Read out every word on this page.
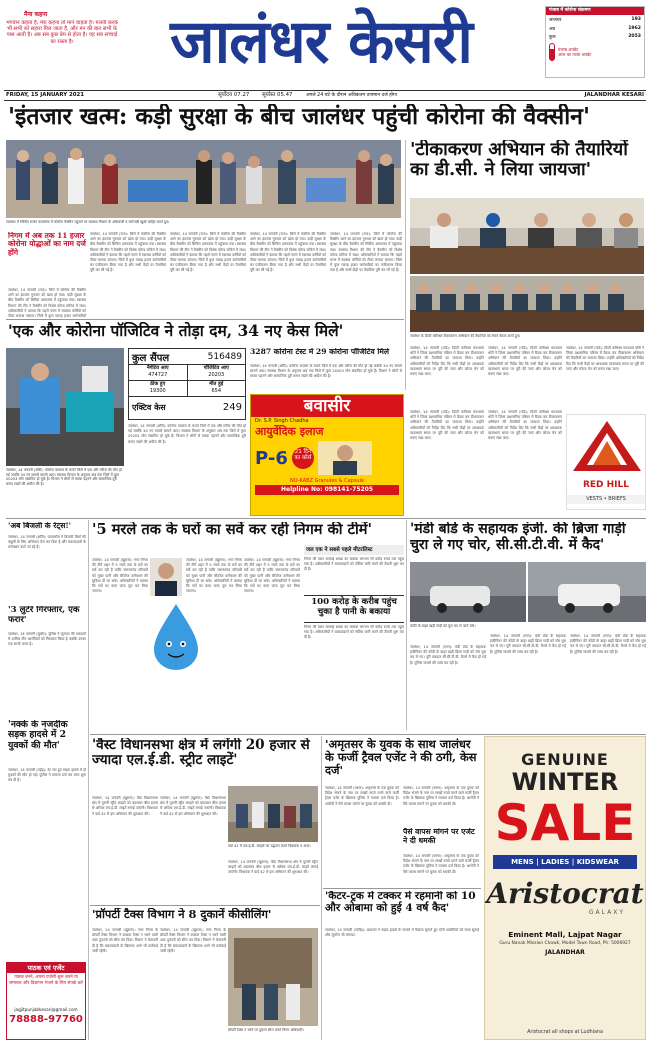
मैना कहना
भगवान कहता है, मेरा कहना तो मानें चाहता है। ग़लती करके भी सभी को सहारा मिल जाता है, और मन की बात सभी के पास आती है। अब सब कुछ प्रेम से होता है। यह सब सच्चाई का रास्ता है।	जालंधर केसरी	पंजाब में कोरोना संक्रमण
जालंधर	193
अब	1962
कुल	2053
पंजाब अपडेट
आज का ताजा अपडेट
FRIDAY, 15 JANUARY 2021	सूर्योदय 07.27 सूर्यास्त 05.47	अगले 24 घंटे के दौरान अधिकतम तापमान दर्ज होगा	JALANDHAR KESARI
'इंतजार खत्म: कड़ी सुरक्षा के बीच जालंधर पहुंची कोरोना की वैक्सीन'
जालंधर में सिविल सर्जन कार्यालय में कोरोना वैक्सीन पहुंचने पर स्वास्थ्य विभाग के अधिकारी व कर्मचारी खुशी जाहिर करते हुए।
निगम में अब तक 11 हजार कोरोना योद्धाओं का नाम दर्ज होंगे
जालंधर, 14 जनवरी (राज): जिले में कोरोना की वैक्सीन आने का इंतजार गुरुवार को खत्म हो गया। कड़ी सुरक्षा के बीच वैक्सीन को सिविल अस्पताल में पहुंचाया गया। स्वास्थ्य विभाग की टीम ने वैक्सीन को विशेष कोल्ड स्टोरेज में रखा। अधिकारियों ने बताया कि पहले चरण में स्वास्थ्य कर्मियों को टीका लगाया जाएगा। जिले में कुल ग्यारह हजार कर्मचारियों
जालंधर, 14 जनवरी (राज): जिले में कोरोना की वैक्सीन आने का इंतजार गुरुवार को खत्म हो गया। कड़ी सुरक्षा के बीच वैक्सीन को सिविल अस्पताल में पहुंचाया गया। स्वास्थ्य विभाग की टीम ने वैक्सीन को विशेष कोल्ड स्टोरेज में रखा। अधिकारियों ने बताया कि पहले चरण में स्वास्थ्य कर्मियों को टीका लगाया जाएगा। जिले में कुल ग्यारह हजार कर्मचारियों का पंजीकरण किया गया है और सभी केंद्रों पर तैयारियां पूरी कर ली गई हैं।
जालंधर, 14 जनवरी (राज): जिले में कोरोना की वैक्सीन आने का इंतजार गुरुवार को खत्म हो गया। कड़ी सुरक्षा के बीच वैक्सीन को सिविल अस्पताल में पहुंचाया गया। स्वास्थ्य विभाग की टीम ने वैक्सीन को विशेष कोल्ड स्टोरेज में रखा। अधिकारियों ने बताया कि पहले चरण में स्वास्थ्य कर्मियों को टीका लगाया जाएगा। जिले में कुल ग्यारह हजार कर्मचारियों का पंजीकरण किया गया है और सभी केंद्रों पर तैयारियां पूरी कर ली गई हैं।
जालंधर, 14 जनवरी (राज): जिले में कोरोना की वैक्सीन आने का इंतजार गुरुवार को खत्म हो गया। कड़ी सुरक्षा के बीच वैक्सीन को सिविल अस्पताल में पहुंचाया गया। स्वास्थ्य विभाग की टीम ने वैक्सीन को विशेष कोल्ड स्टोरेज में रखा। अधिकारियों ने बताया कि पहले चरण में स्वास्थ्य कर्मियों को टीका लगाया जाएगा। जिले में कुल ग्यारह हजार कर्मचारियों का पंजीकरण किया गया है और सभी केंद्रों पर तैयारियां पूरी कर ली गई हैं।
जालंधर, 14 जनवरी (राज): जिले में कोरोना की वैक्सीन आने का इंतजार गुरुवार को खत्म हो गया। कड़ी सुरक्षा के बीच वैक्सीन को सिविल अस्पताल में पहुंचाया गया। स्वास्थ्य विभाग की टीम ने वैक्सीन को विशेष कोल्ड स्टोरेज में रखा। अधिकारियों ने बताया कि पहले चरण में स्वास्थ्य कर्मियों को टीका लगाया जाएगा। जिले में कुल ग्यारह हजार कर्मचारियों का पंजीकरण किया गया है और सभी केंद्रों पर तैयारियां पूरी कर ली गई हैं।
'टीकाकरण अभियान की तैयारियों का डी.सी. ने लिया जायजा'
जालंधर के डिप्टी कमिश्नर टीकाकरण अभियान की तैयारियों को लेकर बैठक करते हुए।
जालंधर, 14 जनवरी (पांडे): डिप्टी कमिश्नर घनश्याम थोरी ने जिला प्रशासनिक परिसर में बैठक कर टीकाकरण अभियान की तैयारियों का जायजा लिया। उन्होंने अधिकारियों को निर्देश दिए कि सभी केंद्रों पर आवश्यक व्यवस्थाएं समय पर पूरी की जाएं और कोल्ड चेन को बनाए रखा जाए।
जालंधर, 14 जनवरी (पांडे): डिप्टी कमिश्नर घनश्याम थोरी ने जिला प्रशासनिक परिसर में बैठक कर टीकाकरण अभियान की तैयारियों का जायजा लिया। उन्होंने अधिकारियों को निर्देश दिए कि सभी केंद्रों पर आवश्यक व्यवस्थाएं समय पर पूरी की जाएं और कोल्ड चेन को बनाए रखा जाए।
जालंधर, 14 जनवरी (पांडे): डिप्टी कमिश्नर घनश्याम थोरी ने जिला प्रशासनिक परिसर में बैठक कर टीकाकरण अभियान की तैयारियों का जायजा लिया। उन्होंने अधिकारियों को निर्देश दिए कि सभी केंद्रों पर आवश्यक व्यवस्थाएं समय पर पूरी की जाएं और कोल्ड चेन को बनाए रखा जाए।
जालंधर, 14 जनवरी (पांडे): डिप्टी कमिश्नर घनश्याम थोरी ने जिला प्रशासनिक परिसर में बैठक कर टीकाकरण अभियान की तैयारियों का जायजा लिया। उन्होंने अधिकारियों को निर्देश दिए कि सभी केंद्रों पर आवश्यक व्यवस्थाएं समय पर पूरी की जाएं और कोल्ड चेन को बनाए रखा जाए।
जालंधर, 14 जनवरी (पांडे): डिप्टी कमिश्नर घनश्याम थोरी ने जिला प्रशासनिक परिसर में बैठक कर टीकाकरण अभियान की तैयारियों का जायजा लिया। उन्होंने अधिकारियों को निर्देश दिए कि सभी केंद्रों पर आवश्यक व्यवस्थाएं समय पर पूरी की जाएं और कोल्ड चेन को बनाए रखा जाए।
RED HILL
VESTS • BRIEFS
'एक और कोरोना पॉजिटिव ने तोड़ा दम, 34 नए केस मिले'
कुल सैंपल	516489
नैगेटिव आए
474727
पॉजिटिव आए
20203
ठीक हुए
19300
मौत हुई
654
एक्टिव केस	249
जालंधर, 14 जनवरी (शौरी): कोरोना वायरस के चलते जिले में एक और मरीज की मौत हो गई जबकि 34 नए मामले सामने आए। स्वास्थ्य विभाग के अनुसार अब तक जिले में कुल 20203 लोग संक्रमित हो चुके हैं। विभाग ने लोगों से मास्क पहनने और सामाजिक दूरी बनाए रखने की अपील की है।
3287 कोरोना टेस्ट में 29 कोरोना पॉजिटिव मिले
जालंधर, 14 जनवरी (शौरी): कोरोना वायरस के चलते जिले में एक और मरीज की मौत हो गई जबकि 34 नए मामले सामने आए। स्वास्थ्य विभाग के अनुसार अब तक जिले में कुल 20203 लोग संक्रमित हो चुके हैं। विभाग ने लोगों से मास्क पहनने और सामाजिक दूरी बनाए रखने की अपील की है।
बवासीर
Dr. S.P. Singh Chadha
आयुर्वेदिक इलाज
P-6	21 दिन का कोर्स
NO-KABZ Granules & Capsule
Helpline No: 098141-75205
जालंधर, 14 जनवरी (शौरी): कोरोना वायरस के चलते जिले में एक और मरीज की मौत हो गई जबकि 34 नए मामले सामने आए। स्वास्थ्य विभाग के अनुसार अब तक जिले में कुल 20203 लोग संक्रमित हो चुके हैं। विभाग ने लोगों से मास्क पहनने और सामाजिक दूरी बनाए रखने की अपील की है।
'अब बिजली के रेट्स!'
जालंधर, 14 जनवरी (शौरी): पावरकॉम ने बिजली बिलों की वसूली के लिए अभियान तेज कर दिया है और बकायादारों के कनेक्शन काटे जा रहे हैं।
'3 लुटेरे गिरफ्तार, एक फरार'
जालंधर, 14 जनवरी (सुधीर): पुलिस ने लूटपाट की वारदातों में शामिल तीन आरोपियों को गिरफ्तार किया है जबकि उनका एक साथी फरार है।
'नक्के के नजदीक सड़क हादसे में 2 युवकों की मौत'
जालंधर, 14 जनवरी (महेंद्र): देर रात हुए सड़क हादसे में दो युवकों की मौत हो गई। पुलिस ने मामला दर्ज कर जांच शुरू कर दी है।
पाठक एवं एजेंट
पाठक बनने, अपना एजेंसी शुरू करने या समाचार और विज्ञापन भेजने के लिए संपर्क करें
jagjitpunjabkesari@gmail.com
78888-97760
'5 मरले तक के घरों का सर्वे कर रही निगम की टीमें'
जालंधर, 14 जनवरी (खुराना): नगर निगम की टीमें शहर में 5 मरले तक के घरों का सर्वे कर रही हैं ताकि जरूरतमंद परिवारों को मुफ्त पानी और सीवरेज कनेक्शन की सुविधा दी जा सके। अधिकारियों ने बताया कि सर्वे का काम जल्द पूरा कर लिया जाएगा।
जालंधर, 14 जनवरी (खुराना): नगर निगम की टीमें शहर में 5 मरले तक के घरों का सर्वे कर रही हैं ताकि जरूरतमंद परिवारों को मुफ्त पानी और सीवरेज कनेक्शन की सुविधा दी जा सके। अधिकारियों ने बताया कि सर्वे का काम जल्द पूरा कर लिया जाएगा।
जालंधर, 14 जनवरी (खुराना): नगर निगम की टीमें शहर में 5 मरले तक के घरों का सर्वे कर रही हैं ताकि जरूरतमंद परिवारों को मुफ्त पानी और सीवरेज कनेक्शन की सुविधा दी जा सके। अधिकारियों ने बताया कि सर्वे का काम जल्द पूरा कर लिया जाएगा।
जल एक ने सबसे पहले मीटरलिस्ट
निगम की वाटर सप्लाई शाखा का बकाया लगभग सौ करोड़ रुपये तक पहुंच गया है। अधिकारियों ने बकायादारों को नोटिस जारी करने की तैयारी शुरू कर दी है।
100 करोड़ के करीब पहुंच चुका है पानी के बकाया
निगम की वाटर सप्लाई शाखा का बकाया लगभग सौ करोड़ रुपये तक पहुंच गया है। अधिकारियों ने बकायादारों को नोटिस जारी करने की तैयारी शुरू कर दी है।
'मंडी बोर्ड के सहायक इंजी. की ब्रिजा गाड़ी चुरा ले गए चोर, सी.सी.टी.वी. में कैद'
कोठी के बाहर खड़ी गाड़ी को चुरा कर ले जाते चोर।
जालंधर, 14 जनवरी (रमन): मंडी बोर्ड के सहायक इंजीनियर की कोठी के बाहर खड़ी ब्रिजा गाड़ी को चोर चुरा कर ले गए। पूरी वारदात सी.सी.टी.वी. कैमरे में कैद हो गई है। पुलिस मामले की जांच कर रही है।
जालंधर, 14 जनवरी (रमन): मंडी बोर्ड के सहायक इंजीनियर की कोठी के बाहर खड़ी ब्रिजा गाड़ी को चोर चुरा कर ले गए। पूरी वारदात सी.सी.टी.वी. कैमरे में कैद हो गई है। पुलिस मामले की जांच कर रही है।
जालंधर, 14 जनवरी (रमन): मंडी बोर्ड के सहायक इंजीनियर की कोठी के बाहर खड़ी ब्रिजा गाड़ी को चोर चुरा कर ले गए। पूरी वारदात सी.सी.टी.वी. कैमरे में कैद हो गई है। पुलिस मामले की जांच कर रही है।
'वैस्ट विधानसभा क्षेत्र में लगेंगी 20 हजार से ज्यादा एल.ई.डी. स्ट्रीट लाइटें'
जालंधर, 14 जनवरी (खुराना): वैस्ट विधानसभा क्षेत्र में पुरानी स्ट्रीट लाइटों को बदलकर बीस हजार से अधिक एल.ई.डी. लाइटें लगाई जाएंगी। विधायक ने वार्ड 42 से इस अभियान की शुरुआत की।
जालंधर, 14 जनवरी (खुराना): वैस्ट विधानसभा क्षेत्र में पुरानी स्ट्रीट लाइटों को बदलकर बीस हजार से अधिक एल.ई.डी. लाइटें लगाई जाएंगी। विधायक ने वार्ड 42 से इस अभियान की शुरुआत की।
वार्ड 42 में एल.ई.डी. लाइटों का उद्घाटन करते विधायक व अन्य।
जालंधर, 14 जनवरी (खुराना): वैस्ट विधानसभा क्षेत्र में पुरानी स्ट्रीट लाइटों को बदलकर बीस हजार से अधिक एल.ई.डी. लाइटें लगाई जाएंगी। विधायक ने वार्ड 42 से इस अभियान की शुरुआत की।
'प्रॉपर्टी टैक्स विभाग ने 8 दुकानें कीसीलिंग'
जालंधर, 14 जनवरी (खुराना): नगर निगम के प्रॉपर्टी टैक्स विभाग ने बकाया टैक्स न भरने वाली आठ दुकानों को सील कर दिया। विभाग ने चेतावनी दी है कि बकायादारों के खिलाफ आगे भी कार्रवाई जारी रहेगी।
जालंधर, 14 जनवरी (खुराना): नगर निगम के प्रॉपर्टी टैक्स विभाग ने बकाया टैक्स न भरने वाली आठ दुकानों को सील कर दिया। विभाग ने चेतावनी दी है कि बकायादारों के खिलाफ आगे भी कार्रवाई जारी रहेगी।
प्रॉपर्टी टैक्स न भरने पर दुकान सील करते निगम अधिकारी।
'अमृतसर के युवक के साथ जालंधर के फर्जी ट्रैवल एजेंट ने की ठगी, केस दर्ज'
जालंधर, 14 जनवरी (वरुण): अमृतसर के एक युवक को विदेश भेजने के नाम पर लाखों रुपये ठगने वाले फर्जी ट्रैवल एजेंट के खिलाफ पुलिस ने मामला दर्ज किया है। आरोपी ने पैसे वापस मांगने पर युवक को धमकी दी।
जालंधर, 14 जनवरी (वरुण): अमृतसर के एक युवक को विदेश भेजने के नाम पर लाखों रुपये ठगने वाले फर्जी ट्रैवल एजेंट के खिलाफ पुलिस ने मामला दर्ज किया है। आरोपी ने पैसे वापस मांगने पर युवक को धमकी दी।
पैसे वापस मांगने पर एजेंट ने दी धमकी
जालंधर, 14 जनवरी (वरुण): अमृतसर के एक युवक को विदेश भेजने के नाम पर लाखों रुपये ठगने वाले फर्जी ट्रैवल एजेंट के खिलाफ पुलिस ने मामला दर्ज किया है। आरोपी ने पैसे वापस मांगने पर युवक को धमकी दी।
'कैंटर-ट्रक में टक्कर में रहमानी को 10 और ओबामा को हुई 4 वर्ष कैद'
जालंधर, 14 जनवरी (जतिंद्र): अदालत ने सड़क हादसे के मामले में फैसला सुनाते हुए दोनों आरोपियों को सजा सुनाई और जुर्माना भी लगाया।
GENUINE
WINTER
SALE
MENS | LADIES | KIDSWEAR
Aristocrat
GALAXY
Eminent Mall, Lajpat Nagar
Guru Nanak Mission Chowk, Model Town Road, Ph: 5006927
JALANDHAR
Aristocrat all shops at Ludhiana
